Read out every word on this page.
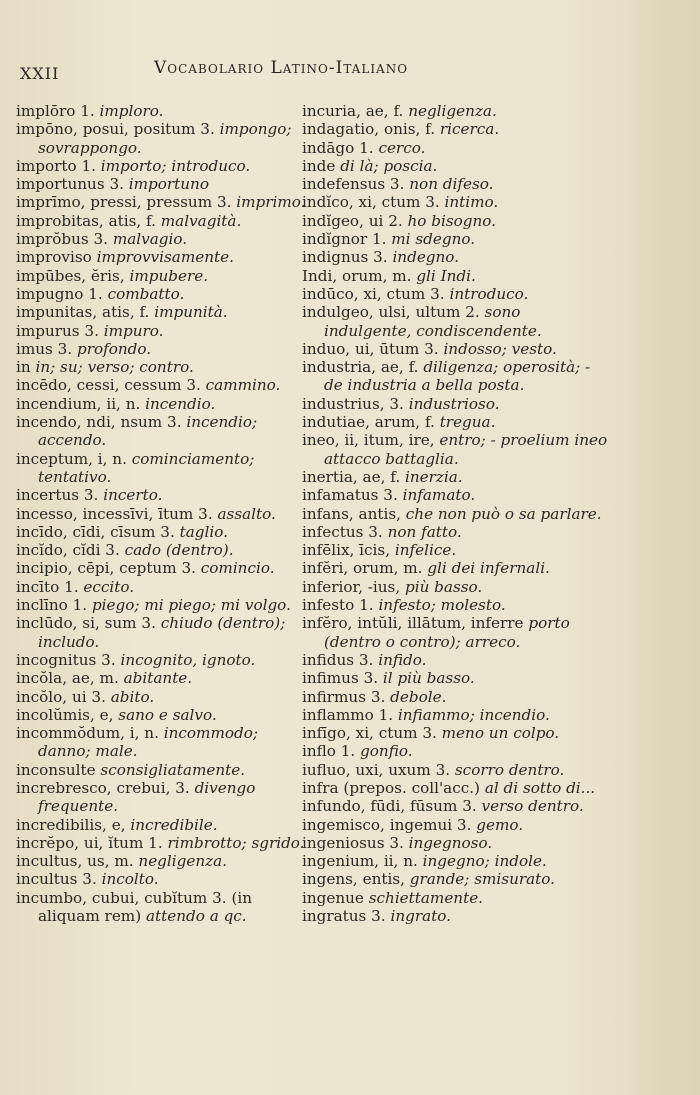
XXII	Vocabolario Latino-Italiano
implōro 1. imploro.
impōno, posui, positum 3. impongo; sovrappongo.
importo 1. importo; introduco.
importunus 3. importuno
imprīmo, pressi, pressum 3. imprimo.
improbitas, atis, f. malvagità.
imprŏbus 3. malvagio.
improviso improvvisamente.
impūbes, ĕris, impubere.
impugno 1. combatto.
impunitas, atis, f. impunità.
impurus 3. impuro.
imus 3. profondo.
in in; su; verso; contro.
incēdo, cessi, cessum 3. cammino.
incendium, ii, n. incendio.
incendo, ndi, nsum 3. incendio; accendo.
inceptum, i, n. cominciamento; tentativo.
incertus 3. incerto.
incesso, incessīvi, ītum 3. assalto.
incīdo, cīdi, cīsum 3. taglio.
incĭdo, cĭdi 3. cado (dentro).
incipio, cēpi, ceptum 3. comincio.
incīto 1. eccito.
inclīno 1. piego; mi piego; mi volgo.
inclūdo, si, sum 3. chiudo (dentro); includo.
incognitus 3. incognito, ignoto.
incŏla, ae, m. abitante.
incŏlo, ui 3. abito.
incolŭmis, e, sano e salvo.
incommŏdum, i, n. incommodo; danno; male.
inconsulte sconsigliatamente.
increbresco, crebui, 3. divengo frequente.
incredibilis, e, incredibile.
incrĕpo, ui, ĭtum 1. rimbrotto; sgrido.
incultus, us, m. negligenza.
incultus 3. incolto.
incumbo, cubui, cubĭtum 3. (in aliquam rem) attendo a qc.
incuria, ae, f. negligenza.
indagatio, onis, f. ricerca.
indāgo 1. cerco.
inde di là; poscia.
indefensus 3. non difeso.
indĭco, xi, ctum 3. intimo.
indĭgeo, ui 2. ho bisogno.
indĭgnor 1. mi sdegno.
indignus 3. indegno.
Indi, orum, m. gli Indi.
indūco, xi, ctum 3. introduco.
indulgeo, ulsi, ultum 2. sono indulgente, condiscendente.
induo, ui, ūtum 3. indosso; vesto.
industria, ae, f. diligenza; operosità; - de industria a bella posta.
industrius, 3. industrioso.
indutiae, arum, f. tregua.
ineo, ii, itum, ire, entro; - proelium ineo attacco battaglia.
inertia, ae, f. inerzia.
infamatus 3. infamato.
infans, antis, che non può o sa parlare.
infectus 3. non fatto.
infēlix, īcis, infelice.
infĕri, orum, m. gli dei infernali.
inferior, -ius, più basso.
infesto 1. infesto; molesto.
infĕro, intŭli, illātum, inferre porto (dentro o contro); arreco.
infidus 3. infido.
infimus 3. il più basso.
infirmus 3. debole.
inflammo 1. infiammo; incendio.
infīgo, xi, ctum 3. meno un colpo.
inflo 1. gonfio.
iufluo, uxi, uxum 3. scorro dentro.
infra (prepos. coll'acc.) al di sotto di...
infundo, fūdi, fūsum 3. verso dentro.
ingemisco, ingemui 3. gemo.
ingeniosus 3. ingegnoso.
ingenium, ii, n. ingegno; indole.
ingens, entis, grande; smisurato.
ingenue schiettamente.
ingratus 3. ingrato.
